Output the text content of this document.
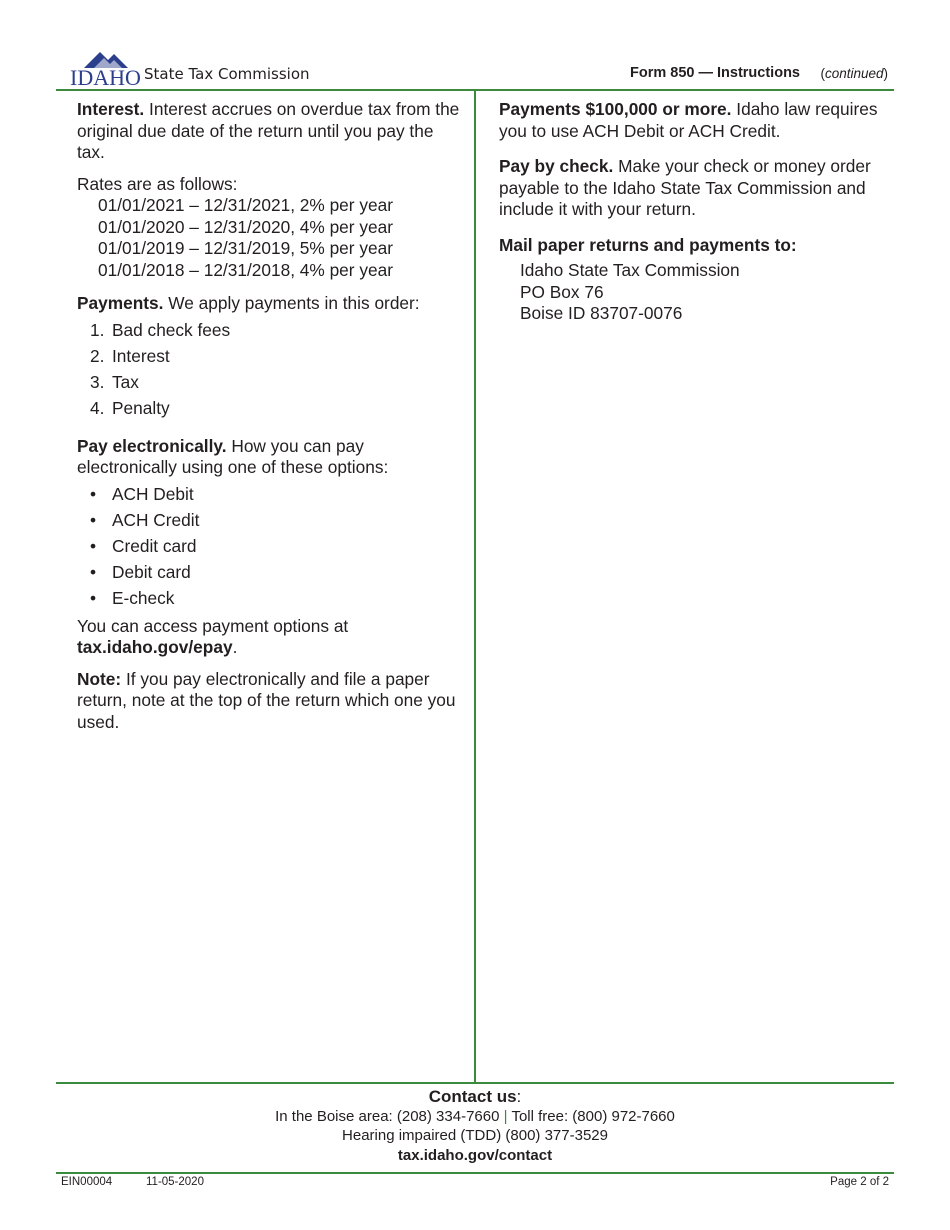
IDAHO State Tax Commission	Form 850 — Instructions (continued)

Interest. Interest accrues on overdue tax from the original due date of the return until you pay the tax.

Rates are as follows:
01/01/2021 – 12/31/2021, 2% per year
01/01/2020 – 12/31/2020, 4% per year
01/01/2019 – 12/31/2019, 5% per year
01/01/2018 – 12/31/2018, 4% per year

Payments. We apply payments in this order:

1. Bad check fees
2. Interest
3. Tax
4. Penalty

Pay electronically. How you can pay electronically using one of these options:

• ACH Debit
• ACH Credit
• Credit card
• Debit card
• E-check

You can access payment options at tax.idaho.gov/epay.

Note: If you pay electronically and file a paper return, note at the top of the return which one you used.

Payments $100,000 or more. Idaho law requires you to use ACH Debit or ACH Credit.

Pay by check. Make your check or money order payable to the Idaho State Tax Commission and include it with your return.

Mail paper returns and payments to:
Idaho State Tax Commission
PO Box 76
Boise ID 83707-0076
Contact us:
In the Boise area: (208) 334-7660 | Toll free: (800) 972-7660
Hearing impaired (TDD) (800) 377-3529
tax.idaho.gov/contact
EIN00004	11-05-2020	Page 2 of 2
